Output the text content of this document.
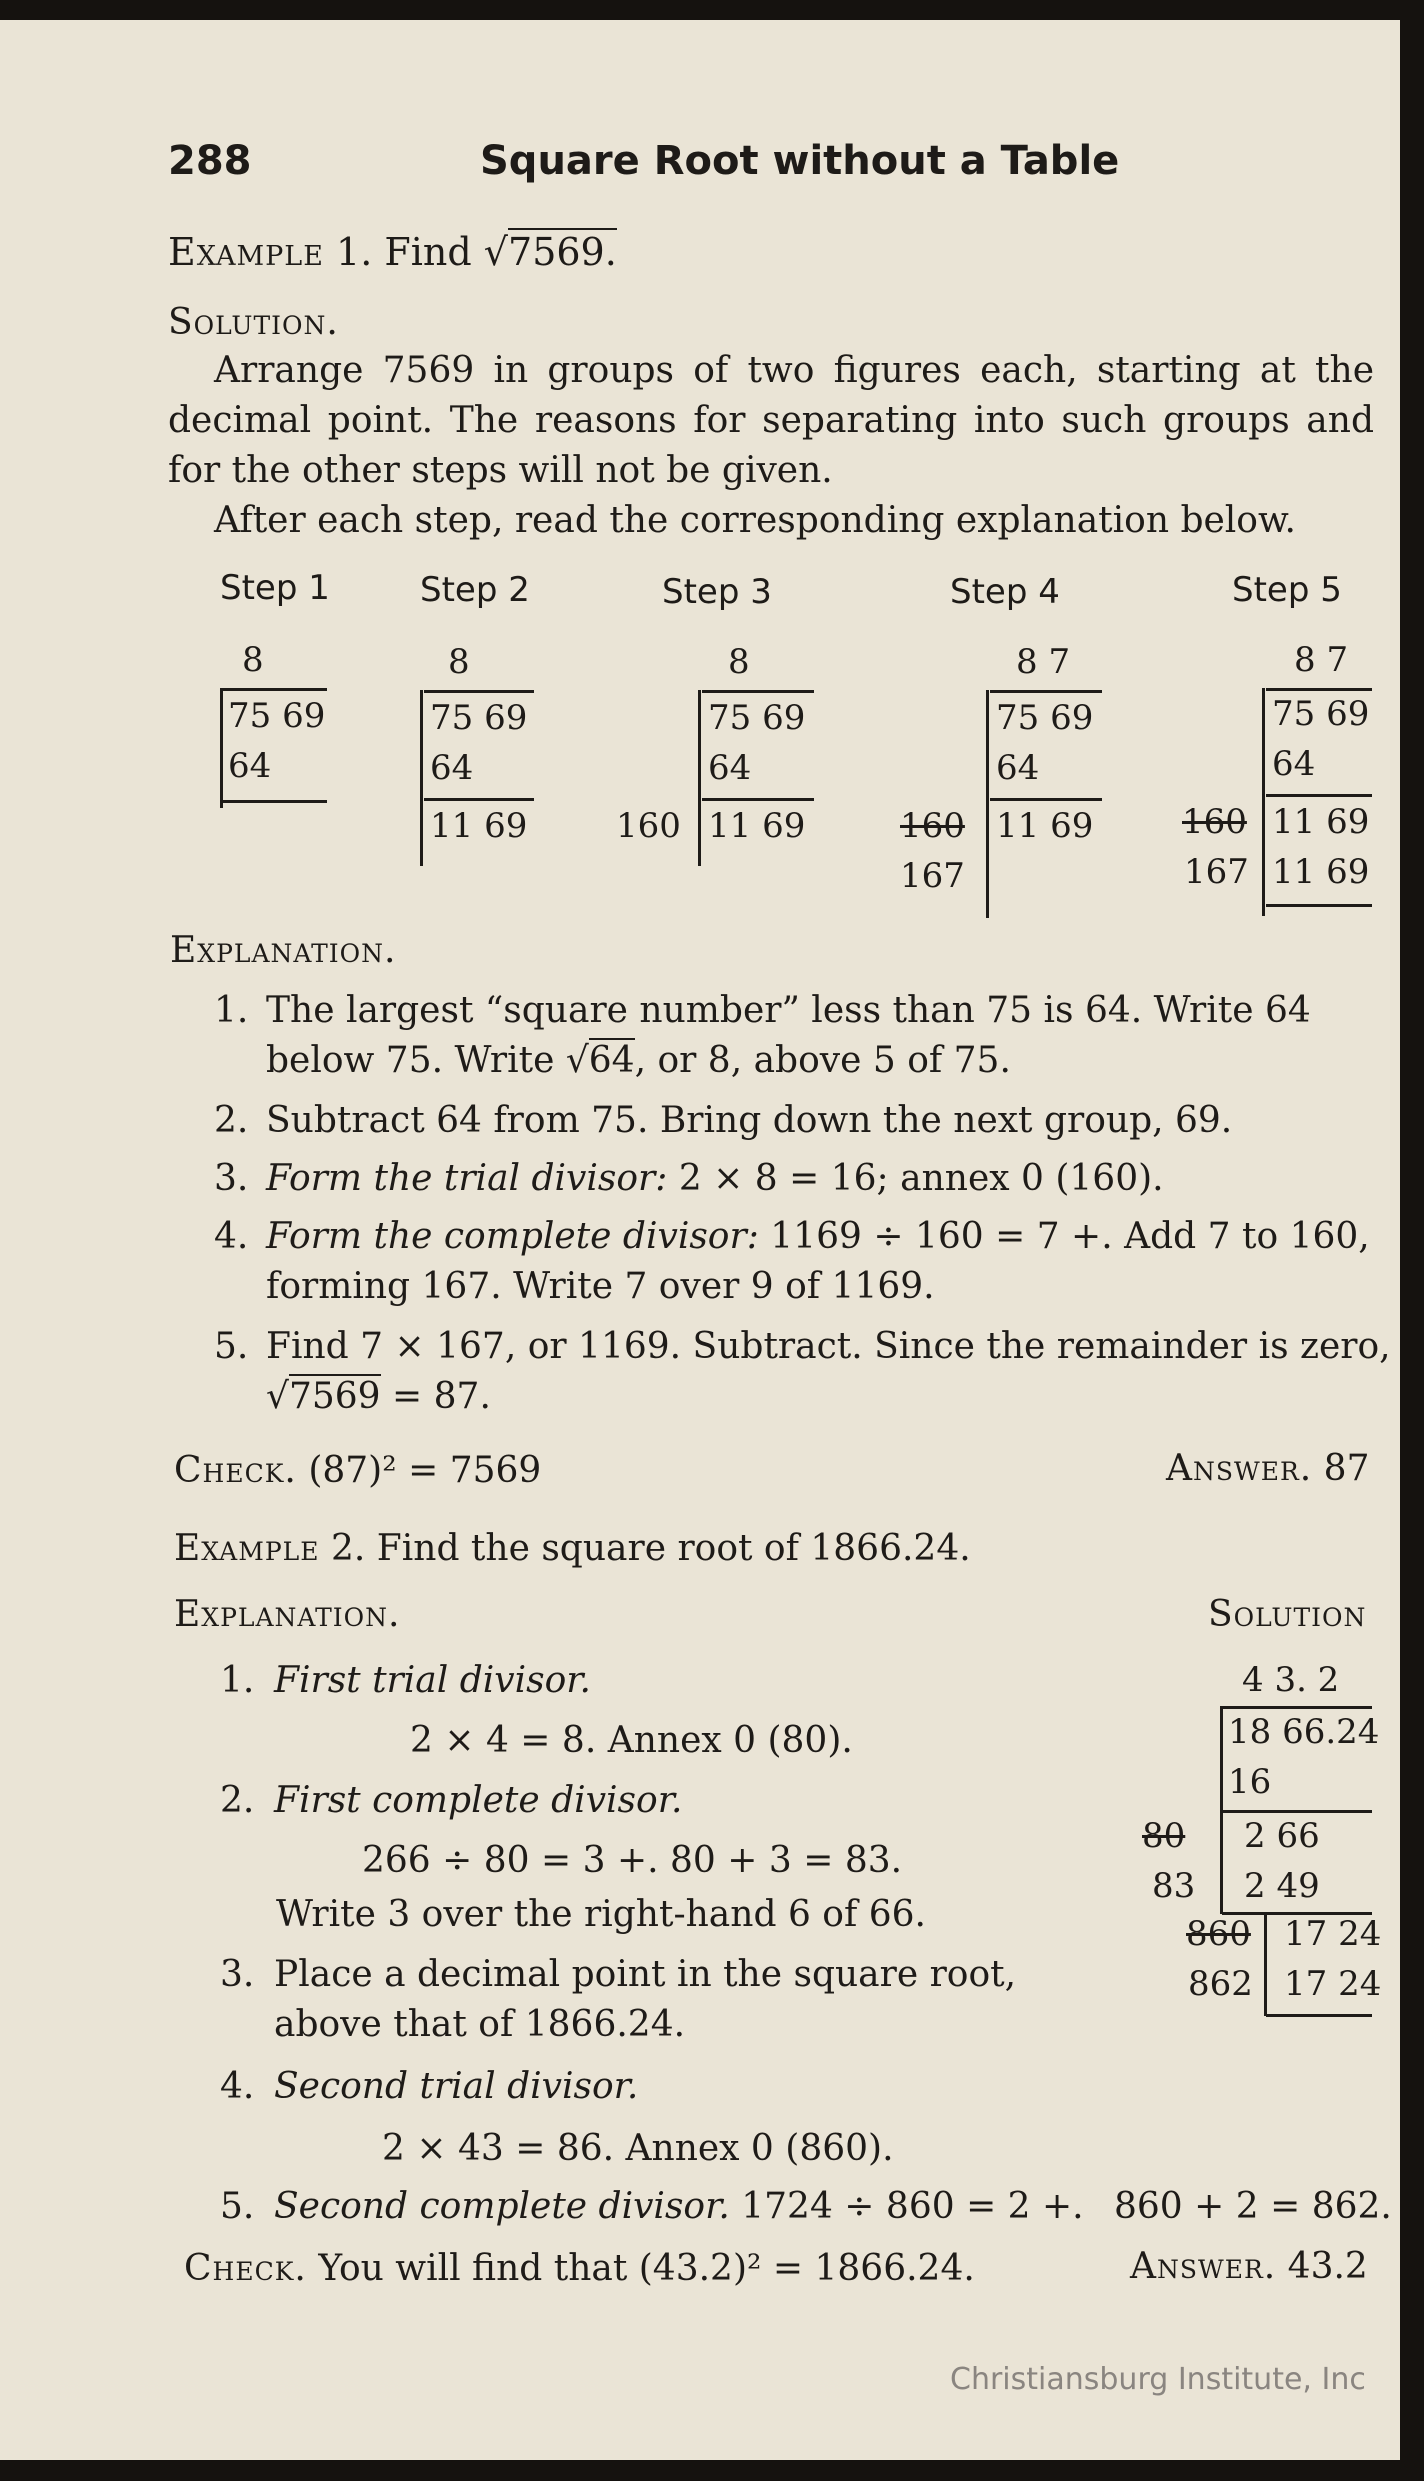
288	Square Root without a Table
Example 1. Find √7569.
Solution.
Arrange 7569 in groups of two figures each, starting at the
decimal point. The reasons for separating into such groups and
for the other steps will not be given.
After each step, read the corresponding explanation below.
Step 1	Step 2	Step 3	Step 4	Step 5
8
75 69
64
8
75 69
64
11 69
8
75 69
64
11 69
160
8 7
75 69
64
11 69
160
167
8 7
75 69
64
11 69
11 69
160
167
Explanation.
1. The largest “square number” less than 75 is 64. Write 64
below 75. Write √64, or 8, above 5 of 75.
2. Subtract 64 from 75. Bring down the next group, 69.
3. Form the trial divisor: 2 × 8 = 16; annex 0 (160).
4. Form the complete divisor: 1169 ÷ 160 = 7 +. Add 7 to 160,
forming 167. Write 7 over 9 of 1169.
5. Find 7 × 167, or 1169. Subtract. Since the remainder is zero,
√7569 = 87.
Check. (87)² = 7569	Answer. 87
Example 2. Find the square root of 1866.24.
Explanation.	Solution
1. First trial divisor.
2 × 4 = 8. Annex 0 (80).
2. First complete divisor.
266 ÷ 80 = 3 +. 80 + 3 = 83.
Write 3 over the right-hand 6 of 66.
3. Place a decimal point in the square root,
above that of 1866.24.
4. Second trial divisor.
2 × 43 = 86. Annex 0 (860).
5. Second complete divisor. 1724 ÷ 860 = 2 +. 860 + 2 = 862.
4 3. 2
18 66.24
16
2 66
2 49
80
83
17 24
17 24
860
862
Check. You will find that (43.2)² = 1866.24.	Answer. 43.2
Christiansburg Institute, Inc
